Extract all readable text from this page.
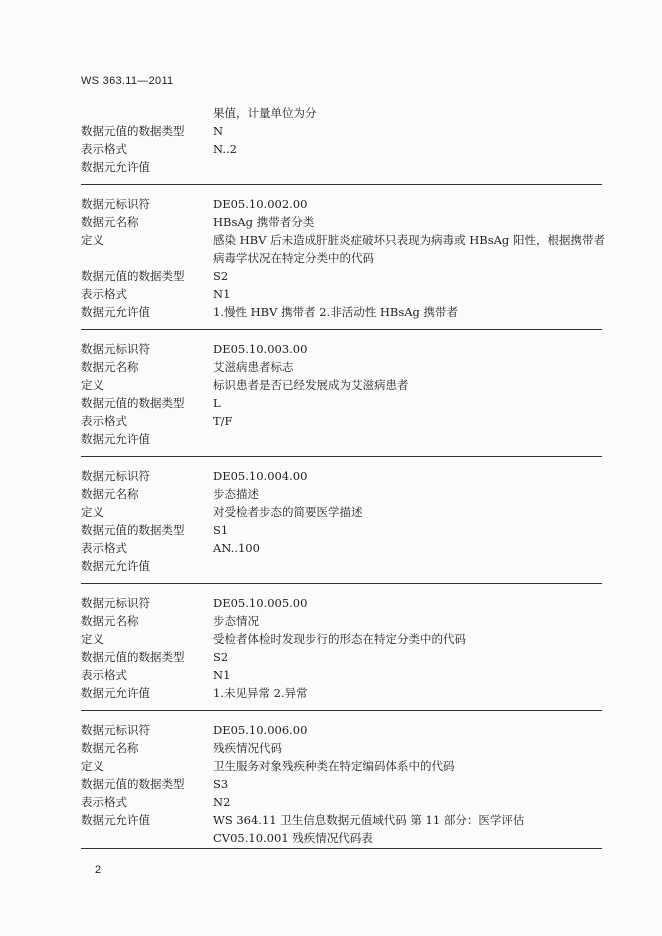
WS 363.11—2011
果值，计量单位为分
数据元值的数据类型	N
表示格式	N..2
数据元允许值
数据元标识符	DE05.10.002.00
数据元名称	HBsAg 携带者分类
定义	感染 HBV 后未造成肝脏炎症破坏只表现为病毒或 HBsAg 阳性，根据携带者
病毒学状况在特定分类中的代码
数据元值的数据类型	S2
表示格式	N1
数据元允许值	1.慢性 HBV 携带者 2.非活动性 HBsAg 携带者
数据元标识符	DE05.10.003.00
数据元名称	艾滋病患者标志
定义	标识患者是否已经发展成为艾滋病患者
数据元值的数据类型	L
表示格式	T/F
数据元允许值

数据元标识符	DE05.10.004.00
数据元名称	步态描述
定义	对受检者步态的简要医学描述
数据元值的数据类型	S1
表示格式	AN..100
数据元允许值

数据元标识符	DE05.10.005.00
数据元名称	步态情况
定义	受检者体检时发现步行的形态在特定分类中的代码
数据元值的数据类型	S2
表示格式	N1
数据元允许值	1.未见异常 2.异常
数据元标识符	DE05.10.006.00
数据元名称	残疾情况代码
定义	卫生服务对象残疾种类在特定编码体系中的代码
数据元值的数据类型	S3
表示格式	N2
数据元允许值	WS 364.11 卫生信息数据元值域代码 第 11 部分：医学评估
CV05.10.001 残疾情况代码表
2
